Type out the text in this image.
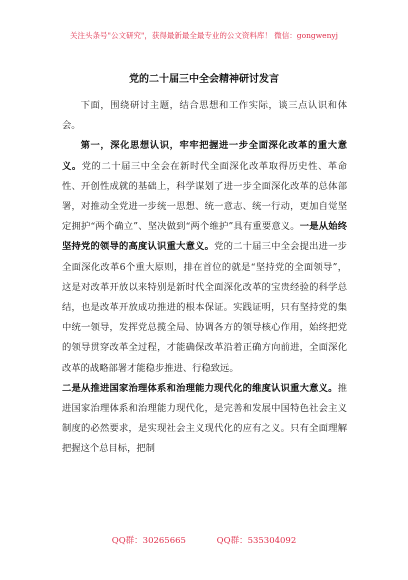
关注头条号"公文研究"，获得最新最全最专业的公文资料库！ 微信：gongwenyj
党的二十届三中全会精神研讨发言

下面，围绕研讨主题，结合思想和工作实际，谈三点认识和体会。

第一，深化思想认识，牢牢把握进一步全面深化改革的重大意义。党的二十届三中全会在新时代全面深化改革取得历史性、革命性、开创性成就的基础上，科学谋划了进一步全面深化改革的总体部署，对推动全党进一步统一思想、统一意志、统一行动，更加自觉坚定拥护“两个确立”、坚决做到“两个维护”具有重要意义。一是从始终坚持党的领导的高度认识重大意义。党的二十届三中全会提出进一步全面深化改革6个重大原则，排在首位的就是“坚持党的全面领导”，这是对改革开放以来特别是新时代全面深化改革的宝贵经验的科学总结，也是改革开放成功推进的根本保证。实践证明，只有坚持党的集中统一领导，发挥党总揽全局、协调各方的领导核心作用，始终把党的领导贯穿改革全过程，才能确保改革沿着正确方向前进，全面深化改革的战略部署才能稳步推进、行稳致远。

二是从推进国家治理体系和治理能力现代化的维度认识重大意义。推进国家治理体系和治理能力现代化，是完善和发展中国特色社会主义制度的必然要求，是实现社会主义现代化的应有之义。只有全面理解把握这个总目标，把制

QQ群：30265665	QQ群：535304092
